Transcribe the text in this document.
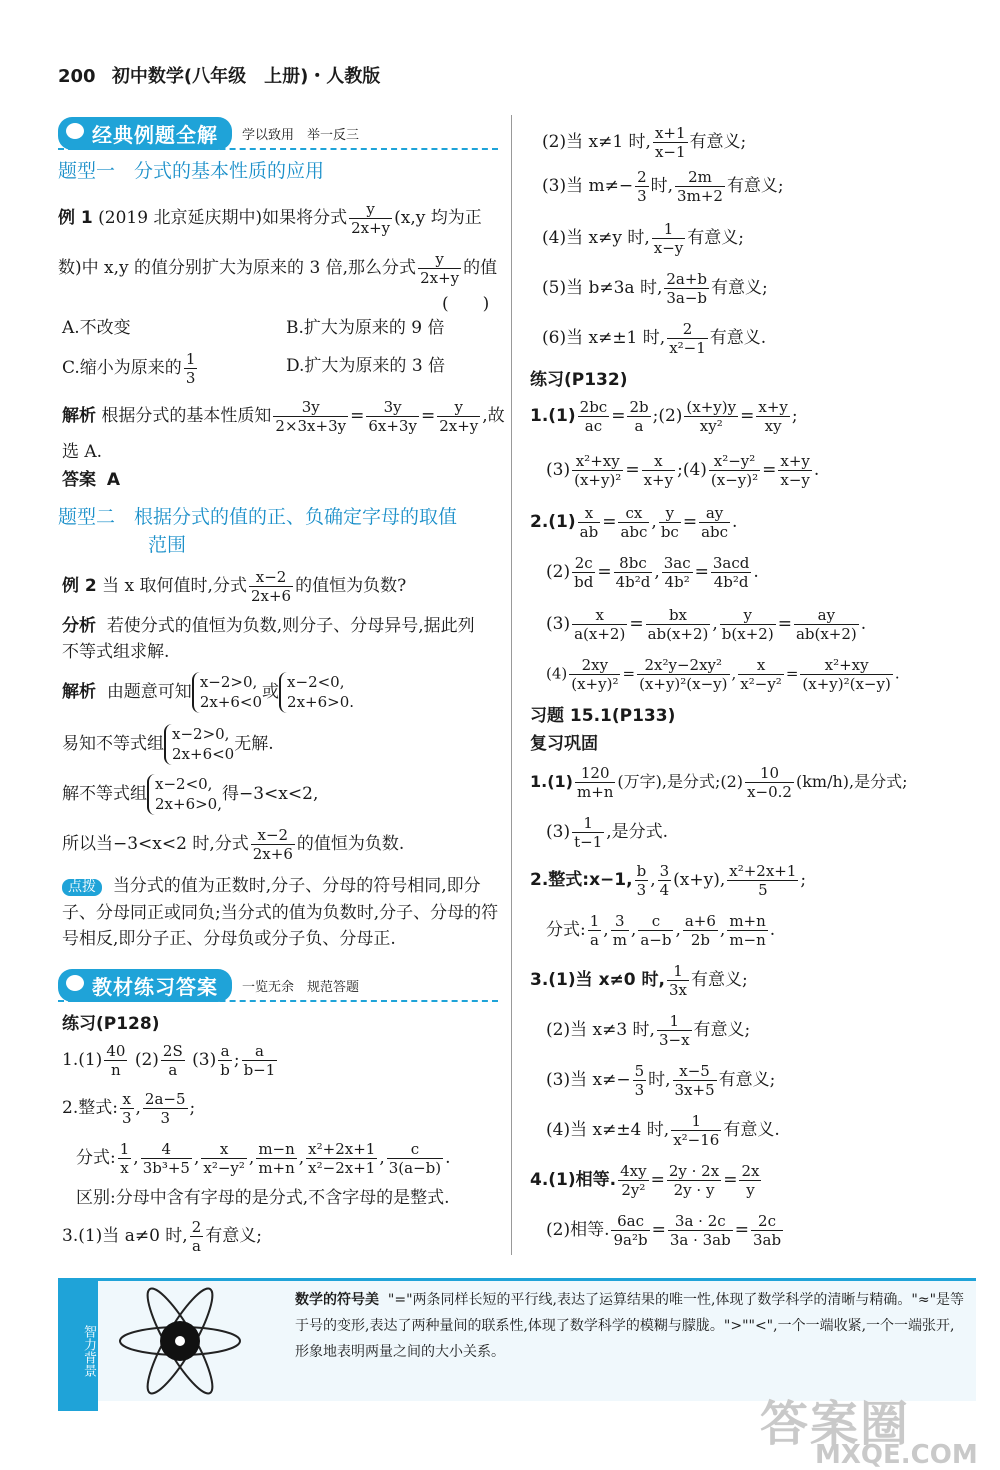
200 初中数学(八年级　上册)・人教版
经典例题全解	学以致用　举一反三
题型一　分式的基本性质的应用
例 1 (2019 北京延庆期中)如果将分式 $\frac{y}{2x+y} (x,y$ 均为正
数)中 x,y 的值分别扩大为原来的 3 倍,那么分式 $\frac{y}{2x+y}$ 的值
(　　)
A.不改变	B.扩大为原来的 9 倍
C.缩小为原来的 $\frac{1}{3}$	D.扩大为原来的 3 倍
解析 根据分式的基本性质知 $\frac{3y}{2\times 3x+3y} = \frac{3y}{6x+3y} = \frac{y}{2x+y}$ ,故
选 A.
答案 A
题型二　根据分式的值的正、负确定字母的取值
范围
例 2 当 x 取何值时,分式 $\frac{x-2}{2x+6}$ 的值恒为负数?
分析 若使分式的值恒为负数,则分子、分母异号,据此列
不等式组求解.
解析 由题意可知 x−2>0,
2x+6<0或 x−2<0,
2x+6>0.
易知不等式组 x−2>0,
2x+6<0无解.
解不等式组 x−2<0,
2x+6>0,得−3<x<2,
所以当−3<x<2 时,分式 $\frac{x-2}{2x+6}$ 的值恒为负数.
点拨 当分式的值为正数时,分子、分母的符号相同,即分
子、分母同正或同负;当分式的值为负数时,分子、分母的符
号相反,即分子正、分母负或分子负、分母正.
教材练习答案	一览无余　规范答题
练习(P128)
$1.(1) \frac{40}{n} (2) \frac{2S}{a} (3) \frac{a}{b}$ ; $\frac{a}{b-1}$
2.整式: $\frac{x}{3}$ , $\frac{2a-5}{3}$ ;
分式: $\frac{1}{x}$ , $\frac{4}{\text{3b³+5}}$ , $\frac{x}{\text{x²−y²}}$ , $\frac{m-n}{m+n}$ , $\frac{\text{x²+2x+1}}{\text{x²−2x+1}}$ , $\frac{c}{3(a-b)}$ .
区别:分母中含有字母的是分式,不含字母的是整式.
3.(1)当 a≠0 时, $\frac{2}{a}$ 有意义;
(2)当 x≠1 时, $\frac{x+1}{x-1}$ 有意义;
(3)当 $m\ne- \frac{2}{3}$ 时, $\frac{2m}{3m+2}$ 有意义;
(4)当 x≠y 时, $\frac{1}{x-y}$ 有意义;
(5)当 b≠3a 时, $\frac{2a+b}{3a-b}$ 有意义;
(6)当 x≠±1 时, $\frac{2}{\text{x²−1}}$ 有意义.
练习(P132)
$1.(1) \frac{2bc}{ac} = \frac{2b}{a}$ ;(2) $\frac{(x+y)y}{\text{xy²}} = \frac{x+y}{xy}$ ;
$(3) \frac{\text{x²+xy}}{\text{(x+y)²}} = \frac{x}{x+y}$ ;(4) $\frac{\text{x²−y²}}{\text{(x−y)²}} = \frac{x+y}{x-y}$ .
$2.(1) \frac{x}{ab} = \frac{cx}{\text{abc}}$ , $\frac{y}{bc} = \frac{ay}{\text{abc}}$ .
$(2) \frac{2c}{bd} = \frac{8bc}{\text{4b²d}}$ , $\frac{3ac}{\text{4b²}} = \frac{\text{3acd}}{\text{4b²d}}$ .
$(3) \frac{x}{a(x+2)} = \frac{bx}{ab(x+2)}$ , $\frac{y}{b(x+2)} = \frac{ay}{ab(x+2)}$ .
$(4) \frac{2xy}{\text{(x+y)²}} = \frac{\text{2x²y−2xy²}}{\text{(x+y)²(x−y)}}$ , $\frac{x}{\text{x²−y²}} = \frac{\text{x²+xy}}{\text{(x+y)²(x−y)}}$ .
习题 15.1(P133)
复习巩固
$1.(1) \frac{120}{m+n}$ (万字),是分式;(2) $\frac{10}{x-0.2} (km/h)$,是分式;
$(3) \frac{1}{t-1}$ ,是分式.
2.整式:x−1, $\frac{b}{3}$ , $\frac{3}{4} (x+y)$, $\frac{\text{x²+2x+1}}{5}$ ;
分式: $\frac{1}{a}$ , $\frac{3}{m}$ , $\frac{c}{a-b}$ , $\frac{a+6}{2b}$ , $\frac{m+n}{m-n}$ .
3.(1)当 x≠0 时, $\frac{1}{3x}$ 有意义;
(2)当 x≠3 时, $\frac{1}{3-x}$ 有意义;
(3)当 $x\ne- \frac{5}{3}$ 时, $\frac{x-5}{3x+5}$ 有意义;
(4)当 x≠±4 时, $\frac{1}{\text{x²−16}}$ 有意义.
4.(1)相等. $\frac{4xy}{\text{2y²}} = \frac{2y \cdot 2x}{2y \cdot y} = \frac{2x}{y}$
(2)相等. $\frac{6ac}{\text{9a²b}} = \frac{3a \cdot 2c}{3a \cdot 3ab} = \frac{2c}{3ab}$
智力背景
数学的符号美 "="两条同样长短的平行线,表达了运算结果的唯一性,体现了数学科学的清晰与精确。"≈"是等于号的变形,表达了两种量间的联系性,体现了数学科学的模糊与朦胧。">""<",一个一端收紧,一个一端张开,形象地表明两量之间的大小关系。
答案圈
MXQE.COM
